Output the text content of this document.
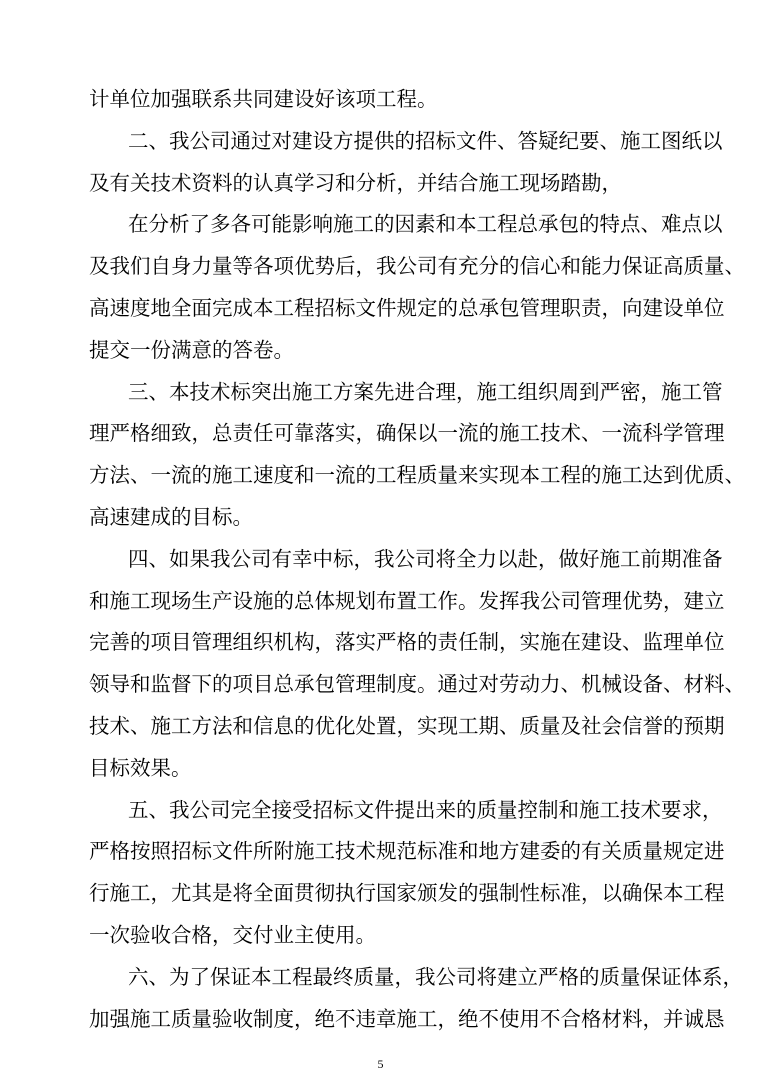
计单位加强联系共同建设好该项工程。
二、我公司通过对建设方提供的招标文件、答疑纪要、施工图纸以
及有关技术资料的认真学习和分析，并结合施工现场踏勘，
在分析了多各可能影响施工的因素和本工程总承包的特点、难点以
及我们自身力量等各项优势后，我公司有充分的信心和能力保证高质量、
高速度地全面完成本工程招标文件规定的总承包管理职责，向建设单位
提交一份满意的答卷。
三、本技术标突出施工方案先进合理，施工组织周到严密，施工管
理严格细致，总责任可靠落实，确保以一流的施工技术、一流科学管理
方法、一流的施工速度和一流的工程质量来实现本工程的施工达到优质、
高速建成的目标。
四、如果我公司有幸中标，我公司将全力以赴，做好施工前期准备
和施工现场生产设施的总体规划布置工作。发挥我公司管理优势，建立
完善的项目管理组织机构，落实严格的责任制，实施在建设、监理单位
领导和监督下的项目总承包管理制度。通过对劳动力、机械设备、材料、
技术、施工方法和信息的优化处置，实现工期、质量及社会信誉的预期
目标效果。
五、我公司完全接受招标文件提出来的质量控制和施工技术要求，
严格按照招标文件所附施工技术规范标准和地方建委的有关质量规定进
行施工，尤其是将全面贯彻执行国家颁发的强制性标准，以确保本工程
一次验收合格，交付业主使用。
六、为了保证本工程最终质量，我公司将建立严格的质量保证体系，
加强施工质量验收制度，绝不违章施工，绝不使用不合格材料，并诚恳
5
